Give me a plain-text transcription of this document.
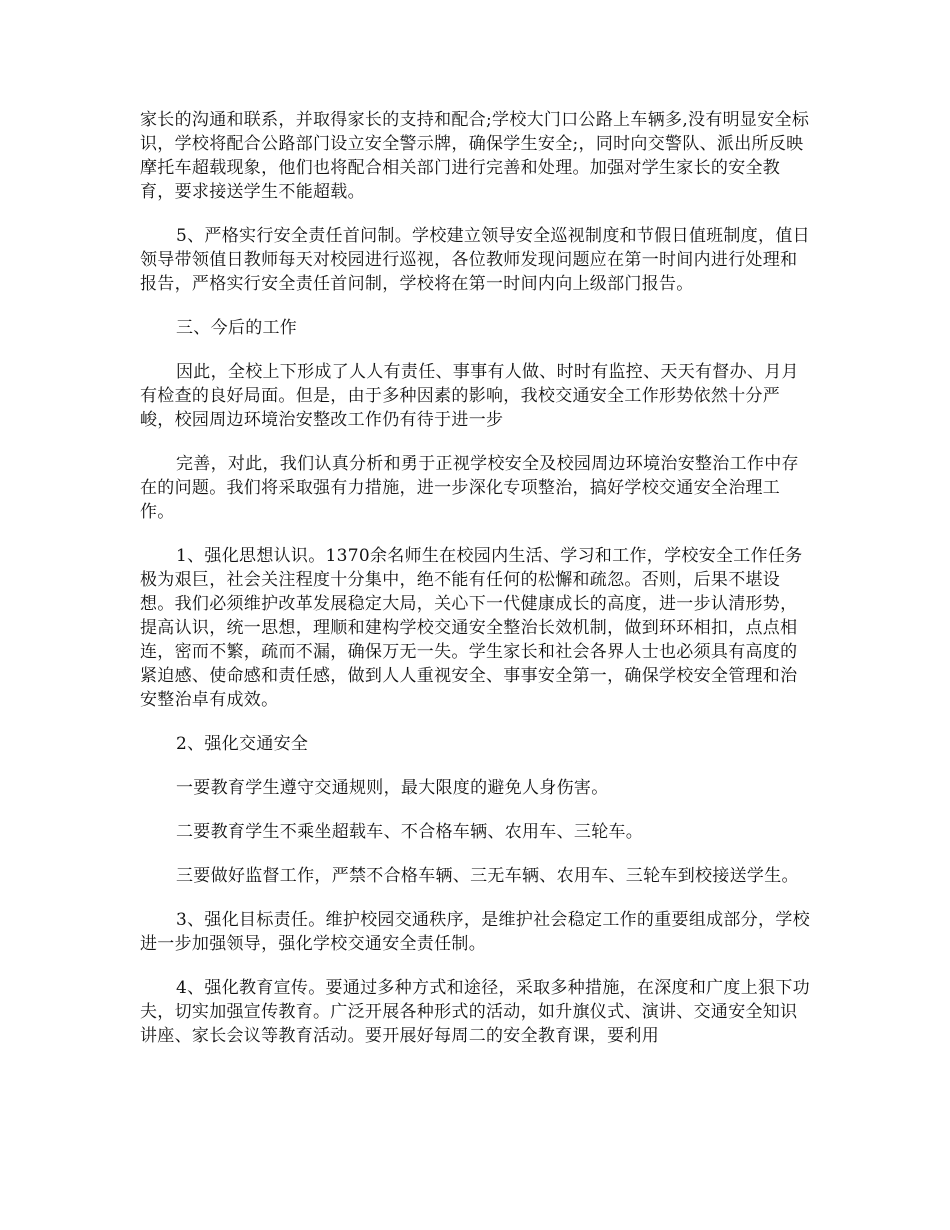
家长的沟通和联系，并取得家长的支持和配合;学校大门口公路上车辆多,没有明显安全标识，学校将配合公路部门设立安全警示牌，确保学生安全;，同时向交警队、派出所反映摩托车超载现象，他们也将配合相关部门进行完善和处理。加强对学生家长的安全教育，要求接送学生不能超载。

5、严格实行安全责任首问制。学校建立领导安全巡视制度和节假日值班制度，值日领导带领值日教师每天对校园进行巡视，各位教师发现问题应在第一时间内进行处理和报告，严格实行安全责任首问制，学校将在第一时间内向上级部门报告。

三、今后的工作

因此，全校上下形成了人人有责任、事事有人做、时时有监控、天天有督办、月月有检查的良好局面。但是，由于多种因素的影响，我校交通安全工作形势依然十分严峻，校园周边环境治安整改工作仍有待于进一步

完善，对此，我们认真分析和勇于正视学校安全及校园周边环境治安整治工作中存在的问题。我们将采取强有力措施，进一步深化专项整治，搞好学校交通安全治理工作。

1、强化思想认识。1370余名师生在校园内生活、学习和工作，学校安全工作任务极为艰巨，社会关注程度十分集中，绝不能有任何的松懈和疏忽。否则，后果不堪设想。我们必须维护改革发展稳定大局，关心下一代健康成长的高度，进一步认清形势，提高认识，统一思想，理顺和建构学校交通安全整治长效机制，做到环环相扣，点点相连，密而不繁，疏而不漏，确保万无一失。学生家长和社会各界人士也必须具有高度的紧迫感、使命感和责任感，做到人人重视安全、事事安全第一，确保学校安全管理和治安整治卓有成效。

2、强化交通安全

一要教育学生遵守交通规则，最大限度的避免人身伤害。

二要教育学生不乘坐超载车、不合格车辆、农用车、三轮车。

三要做好监督工作，严禁不合格车辆、三无车辆、农用车、三轮车到校接送学生。

3、强化目标责任。维护校园交通秩序，是维护社会稳定工作的重要组成部分，学校进一步加强领导，强化学校交通安全责任制。

4、强化教育宣传。要通过多种方式和途径，采取多种措施，在深度和广度上狠下功夫，切实加强宣传教育。广泛开展各种形式的活动，如升旗仪式、演讲、交通安全知识讲座、家长会议等教育活动。要开展好每周二的安全教育课，要利用
